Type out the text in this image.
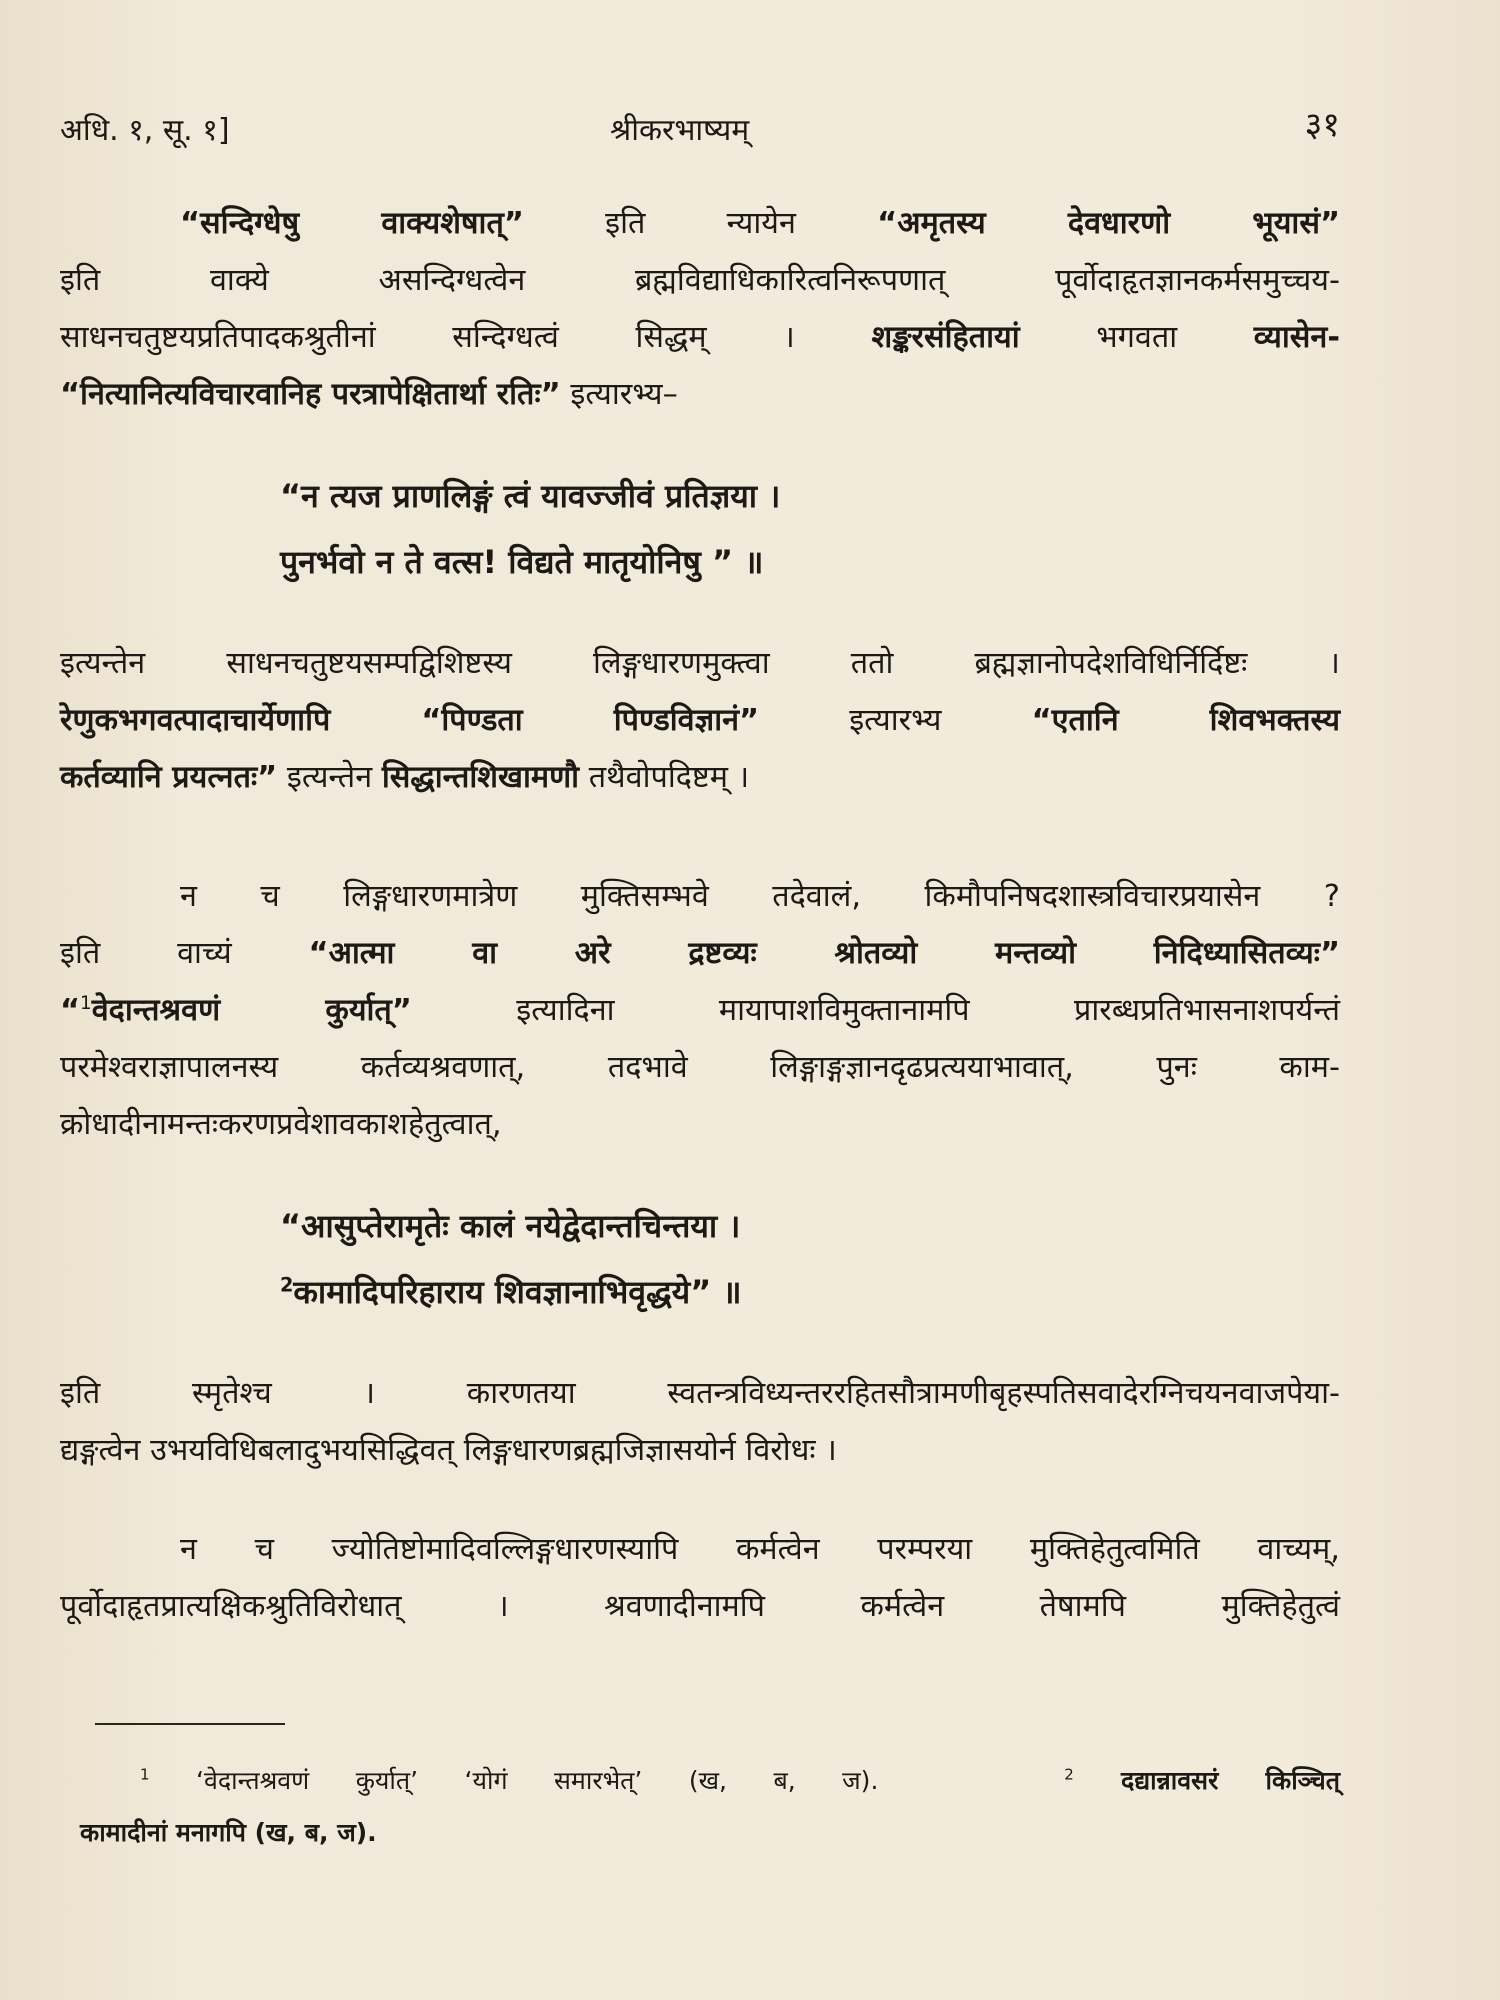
अधि. १, सू. १]	श्रीकरभाष्यम्	३१

“सन्दिग्धेषु वाक्यशेषात्” इति न्यायेन “अमृतस्य देवधारणो भूयासं”

इति वाक्ये असन्दिग्धत्वेन ब्रह्मविद्याधिकारित्वनिरूपणात् पूर्वोदाहृतज्ञानकर्मसमुच्चय-

साधनचतुष्टयप्रतिपादकश्रुतीनां सन्दिग्धत्वं सिद्धम् । शङ्करसंहितायां भगवता व्यासेन-

“नित्यानित्यविचारवानिह परत्रापेक्षितार्था रतिः” इत्यारभ्य–

“न त्यज प्राणलिङ्गं त्वं यावज्जीवं प्रतिज्ञया ।

पुनर्भवो न ते वत्स! विद्यते मातृयोनिषु ” ॥

इत्यन्तेन साधनचतुष्टयसम्पद्विशिष्टस्य लिङ्गधारणमुक्त्वा ततो ब्रह्मज्ञानोपदेशविधिर्निर्दिष्टः ।

रेणुकभगवत्पादाचार्येणापि “पिण्डता पिण्डविज्ञानं” इत्यारभ्य “एतानि शिवभक्तस्य

कर्तव्यानि प्रयत्नतः” इत्यन्तेन सिद्धान्तशिखामणौ तथैवोपदिष्टम् ।

न च लिङ्गधारणमात्रेण मुक्तिसम्भवे तदेवालं, किमौपनिषदशास्त्रविचारप्रयासेन ?

इति वाच्यं “आत्मा वा अरे द्रष्टव्यः श्रोतव्यो मन्तव्यो निदिध्यासितव्यः”

“$^1$वेदान्तश्रवणं कुर्यात्” इत्यादिना मायापाशविमुक्तानामपि प्रारब्धप्रतिभासनाशपर्यन्तं

परमेश्वराज्ञापालनस्य कर्तव्यश्रवणात्, तदभावे लिङ्गाङ्गज्ञानदृढप्रत्ययाभावात्, पुनः काम-

क्रोधादीनामन्तःकरणप्रवेशावकाशहेतुत्वात्,

“आसुप्तेरामृतेः कालं नयेद्वेदान्तचिन्तया ।

$^2$कामादिपरिहाराय शिवज्ञानाभिवृद्धये” ॥

इति स्मृतेश्च । कारणतया स्वतन्त्रविध्यन्तररहितसौत्रामणीबृहस्पतिसवादेरग्निचयनवाजपेया-

द्यङ्गत्वेन उभयविधिबलादुभयसिद्धिवत् लिङ्गधारणब्रह्मजिज्ञासयोर्न विरोधः ।

न च ज्योतिष्टोमादिवल्लिङ्गधारणस्यापि कर्मत्वेन परम्परया मुक्तिहेतुत्वमिति वाच्यम्,

पूर्वोदाहृतप्रात्यक्षिकश्रुतिविरोधात् । श्रवणादीनामपि कर्मत्वेन तेषामपि मुक्तिहेतुत्वं

$^1$ ‘वेदान्तश्रवणं कुर्यात्’ ‘योगं समारभेत्’ (ख, ब, ज).	$^2$ दद्यान्नावसरं किञ्चित्

कामादीनां मनागपि (ख, ब, ज).
